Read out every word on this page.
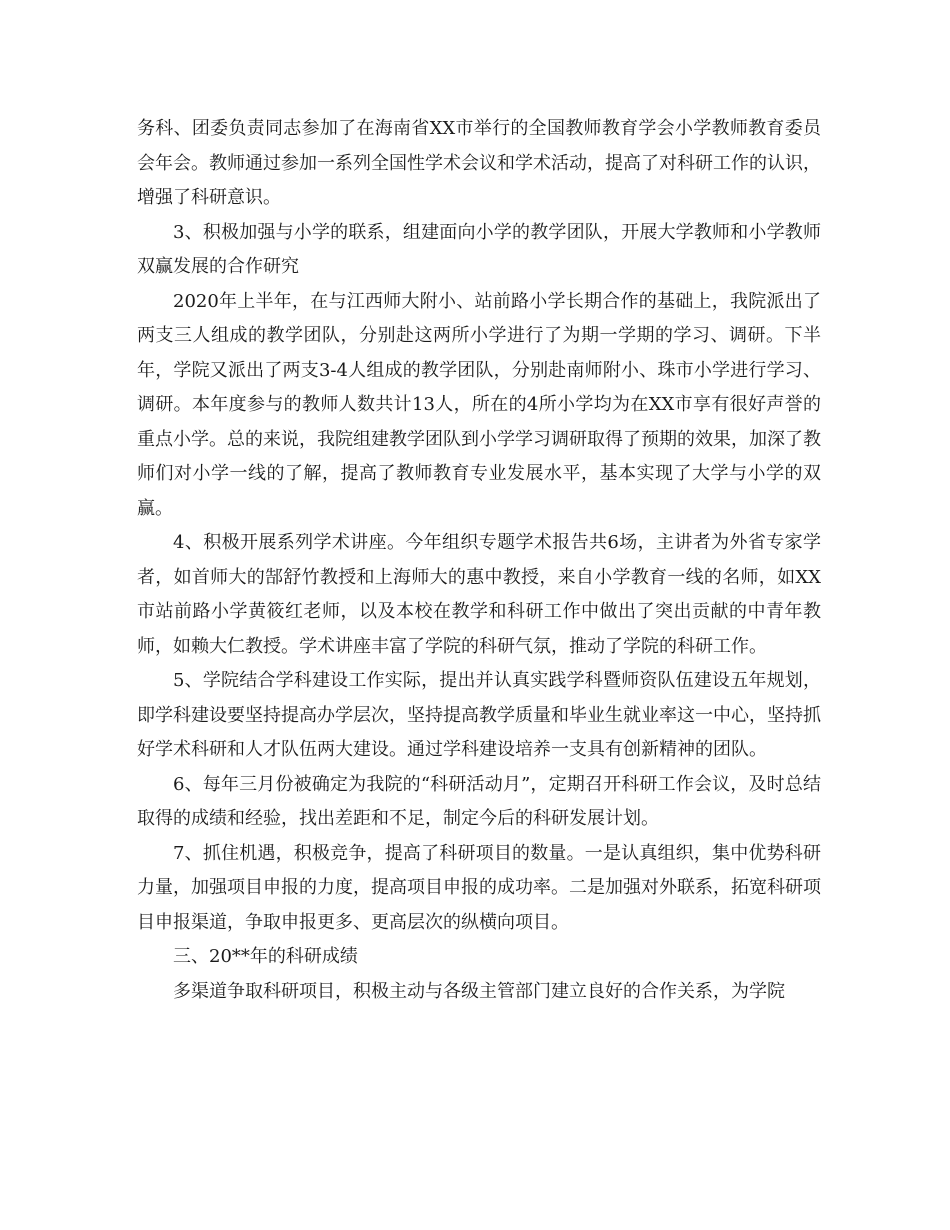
务科、团委负责同志参加了在海南省XX市举行的全国教师教育学会小学教师教育委员会年会。教师通过参加一系列全国性学术会议和学术活动，提高了对科研工作的认识，增强了科研意识。

3、积极加强与小学的联系，组建面向小学的教学团队，开展大学教师和小学教师双赢发展的合作研究

2020年上半年，在与江西师大附小、站前路小学长期合作的基础上，我院派出了两支三人组成的教学团队，分别赴这两所小学进行了为期一学期的学习、调研。下半年，学院又派出了两支3-4人组成的教学团队，分别赴南师附小、珠市小学进行学习、调研。本年度参与的教师人数共计13人，所在的4所小学均为在XX市享有很好声誉的重点小学。总的来说，我院组建教学团队到小学学习调研取得了预期的效果，加深了教师们对小学一线的了解，提高了教师教育专业发展水平，基本实现了大学与小学的双赢。

4、积极开展系列学术讲座。今年组织专题学术报告共6场，主讲者为外省专家学者，如首师大的郜舒竹教授和上海师大的惠中教授，来自小学教育一线的名师，如XX市站前路小学黄筱红老师，以及本校在教学和科研工作中做出了突出贡献的中青年教师，如赖大仁教授。学术讲座丰富了学院的科研气氛，推动了学院的科研工作。

5、学院结合学科建设工作实际，提出并认真实践学科暨师资队伍建设五年规划，即学科建设要坚持提高办学层次，坚持提高教学质量和毕业生就业率这一中心，坚持抓好学术科研和人才队伍两大建设。通过学科建设培养一支具有创新精神的团队。

6、每年三月份被确定为我院的“科研活动月”，定期召开科研工作会议，及时总结取得的成绩和经验，找出差距和不足，制定今后的科研发展计划。

7、抓住机遇，积极竞争，提高了科研项目的数量。一是认真组织，集中优势科研力量，加强项目申报的力度，提高项目申报的成功率。二是加强对外联系，拓宽科研项目申报渠道，争取申报更多、更高层次的纵横向项目。

三、20**年的科研成绩

多渠道争取科研项目，积极主动与各级主管部门建立良好的合作关系，为学院
